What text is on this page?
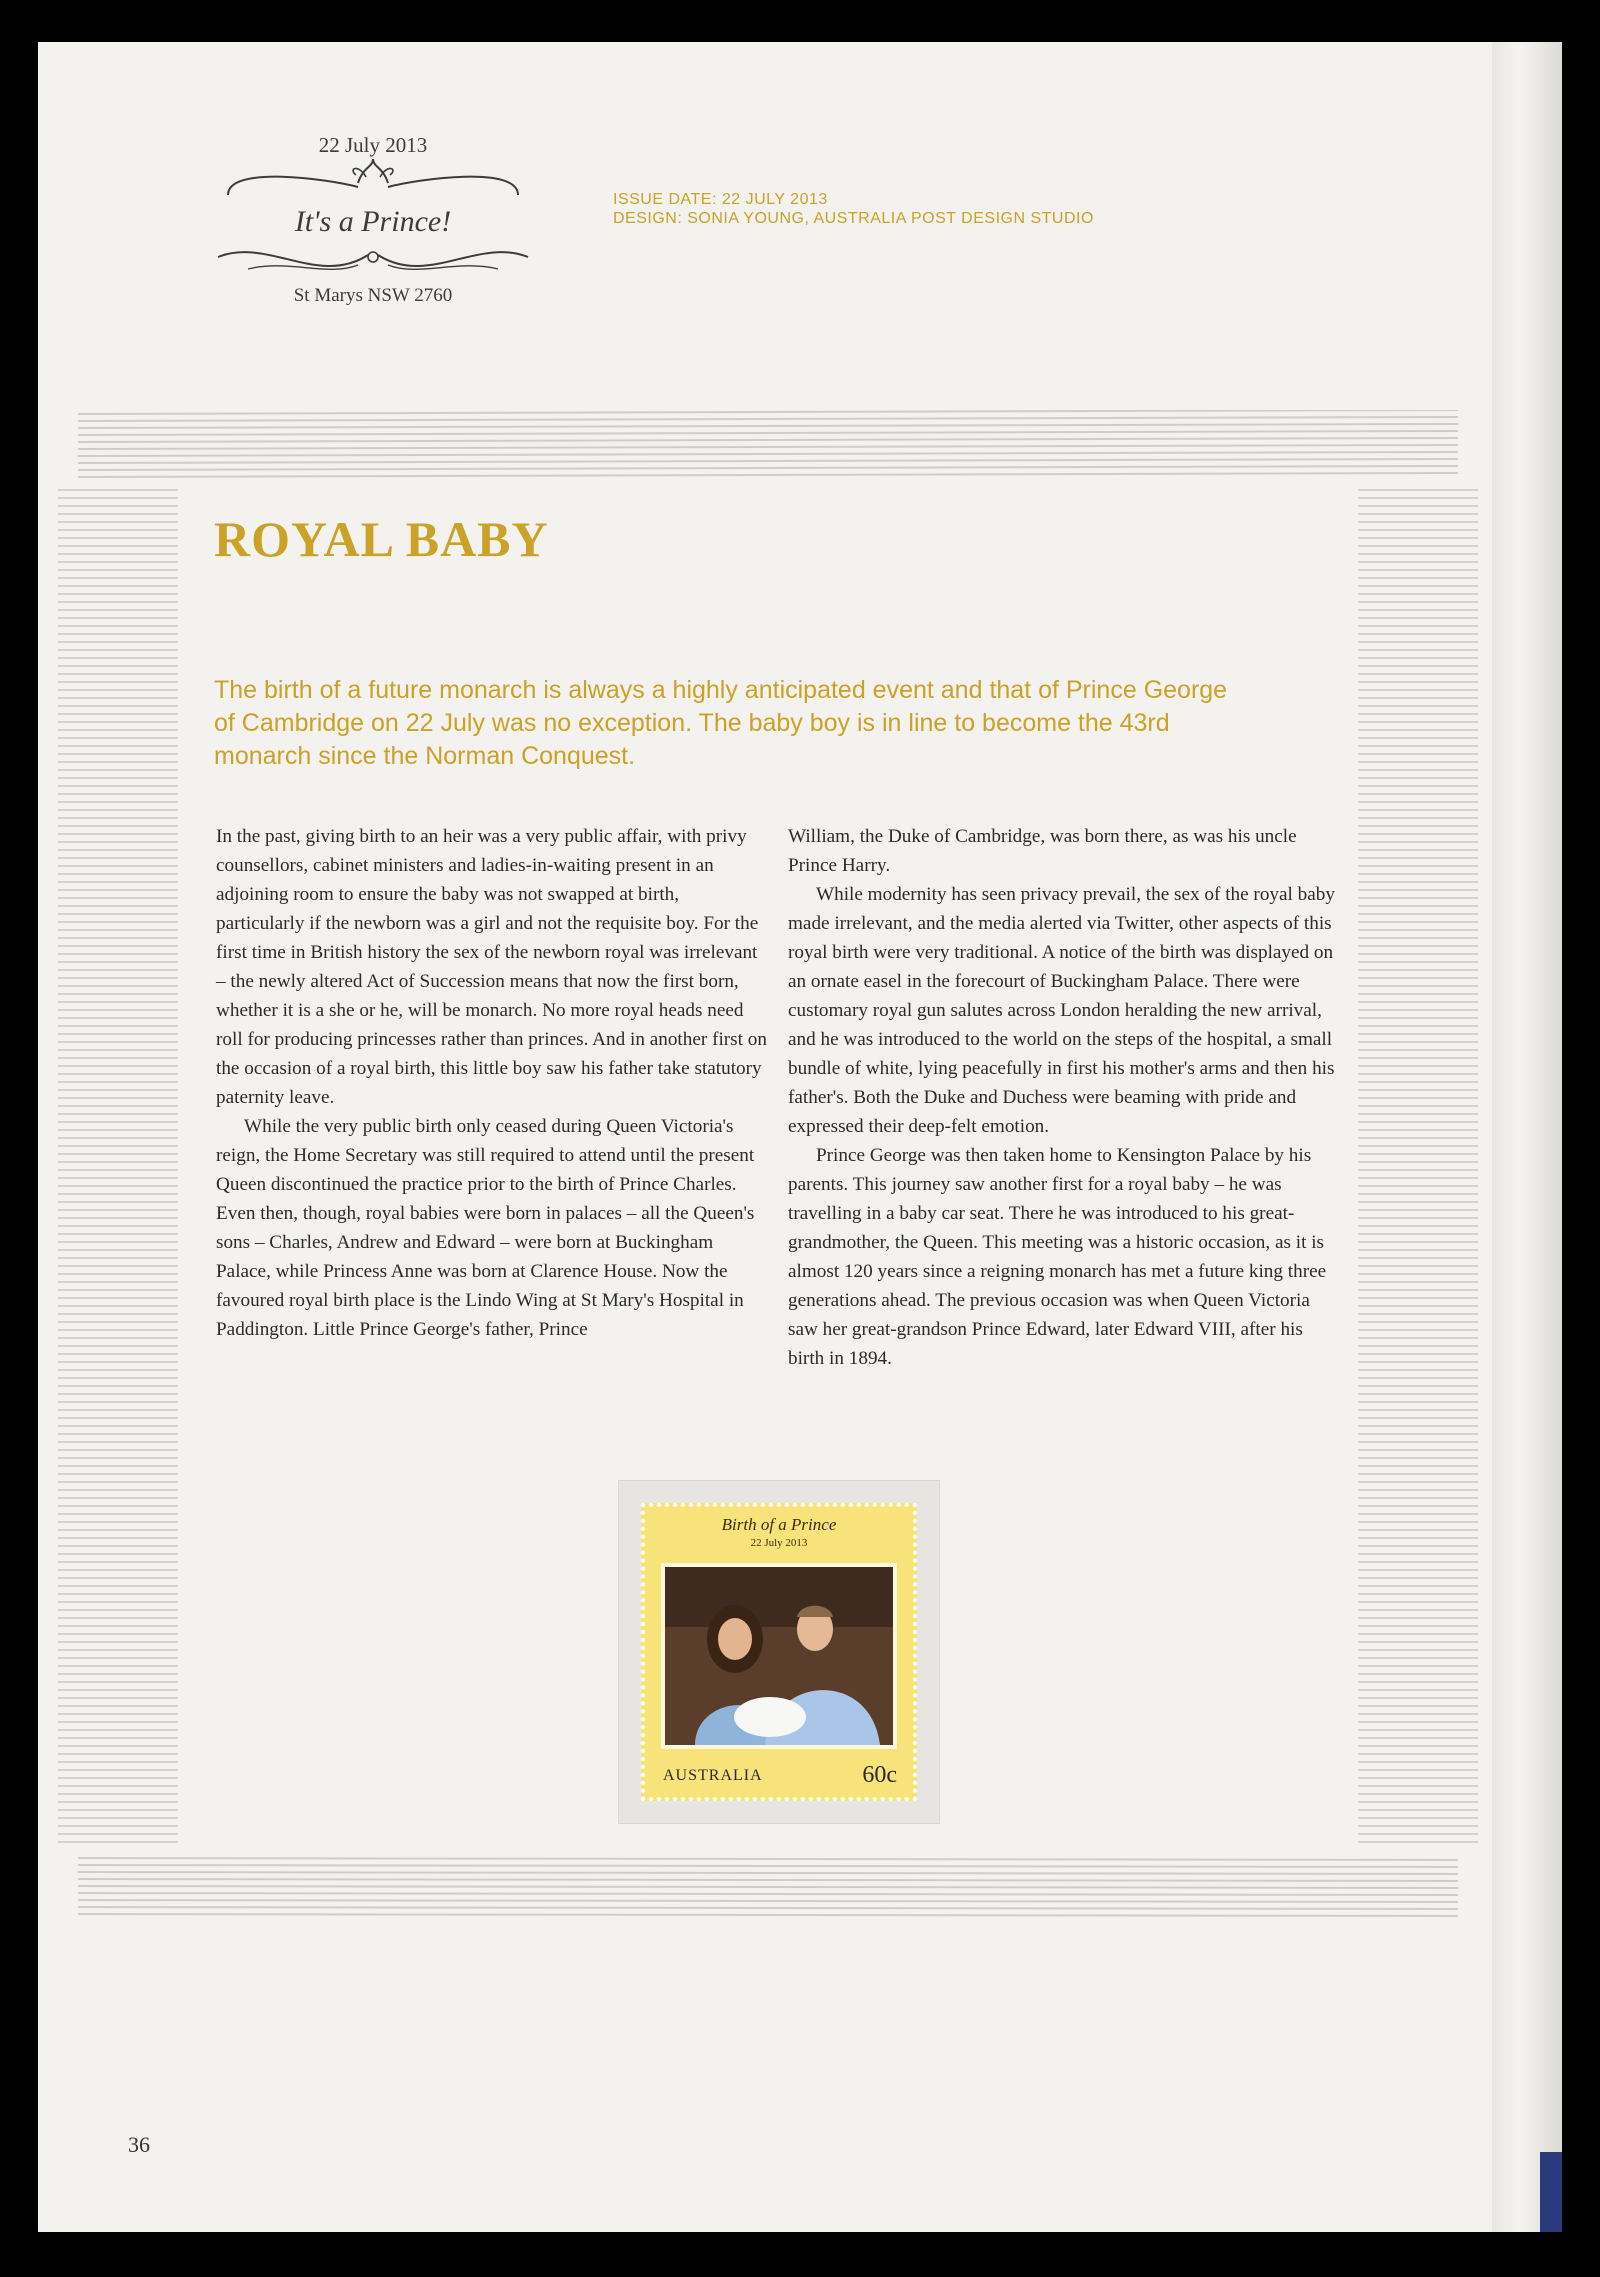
22 July 2013
It's a Prince!
St Marys NSW 2760
ISSUE DATE: 22 JULY 2013
DESIGN: SONIA YOUNG, AUSTRALIA POST DESIGN STUDIO
ROYAL BABY
The birth of a future monarch is always a highly anticipated event and that of Prince George of Cambridge on 22 July was no exception. The baby boy is in line to become the 43rd monarch since the Norman Conquest.

In the past, giving birth to an heir was a very public affair, with privy counsellors, cabinet ministers and ladies-in-waiting present in an adjoining room to ensure the baby was not swapped at birth, particularly if the newborn was a girl and not the requisite boy. For the first time in British history the sex of the newborn royal was irrelevant – the newly altered Act of Succession means that now the first born, whether it is a she or he, will be monarch. No more royal heads need roll for producing princesses rather than princes. And in another first on the occasion of a royal birth, this little boy saw his father take statutory paternity leave.

While the very public birth only ceased during Queen Victoria's reign, the Home Secretary was still required to attend until the present Queen discontinued the practice prior to the birth of Prince Charles. Even then, though, royal babies were born in palaces – all the Queen's sons – Charles, Andrew and Edward – were born at Buckingham Palace, while Princess Anne was born at Clarence House. Now the favoured royal birth place is the Lindo Wing at St Mary's Hospital in Paddington. Little Prince George's father, Prince

William, the Duke of Cambridge, was born there, as was his uncle Prince Harry.

While modernity has seen privacy prevail, the sex of the royal baby made irrelevant, and the media alerted via Twitter, other aspects of this royal birth were very traditional. A notice of the birth was displayed on an ornate easel in the forecourt of Buckingham Palace. There were customary royal gun salutes across London heralding the new arrival, and he was introduced to the world on the steps of the hospital, a small bundle of white, lying peacefully in first his mother's arms and then his father's. Both the Duke and Duchess were beaming with pride and expressed their deep-felt emotion.

Prince George was then taken home to Kensington Palace by his parents. This journey saw another first for a royal baby – he was travelling in a baby car seat. There he was introduced to his great-grandmother, the Queen. This meeting was a historic occasion, as it is almost 120 years since a reigning monarch has met a future king three generations ahead. The previous occasion was when Queen Victoria saw her great-grandson Prince Edward, later Edward VIII, after his birth in 1894.

Birth of a Prince
22 July 2013
AUSTRALIA	60c
36
